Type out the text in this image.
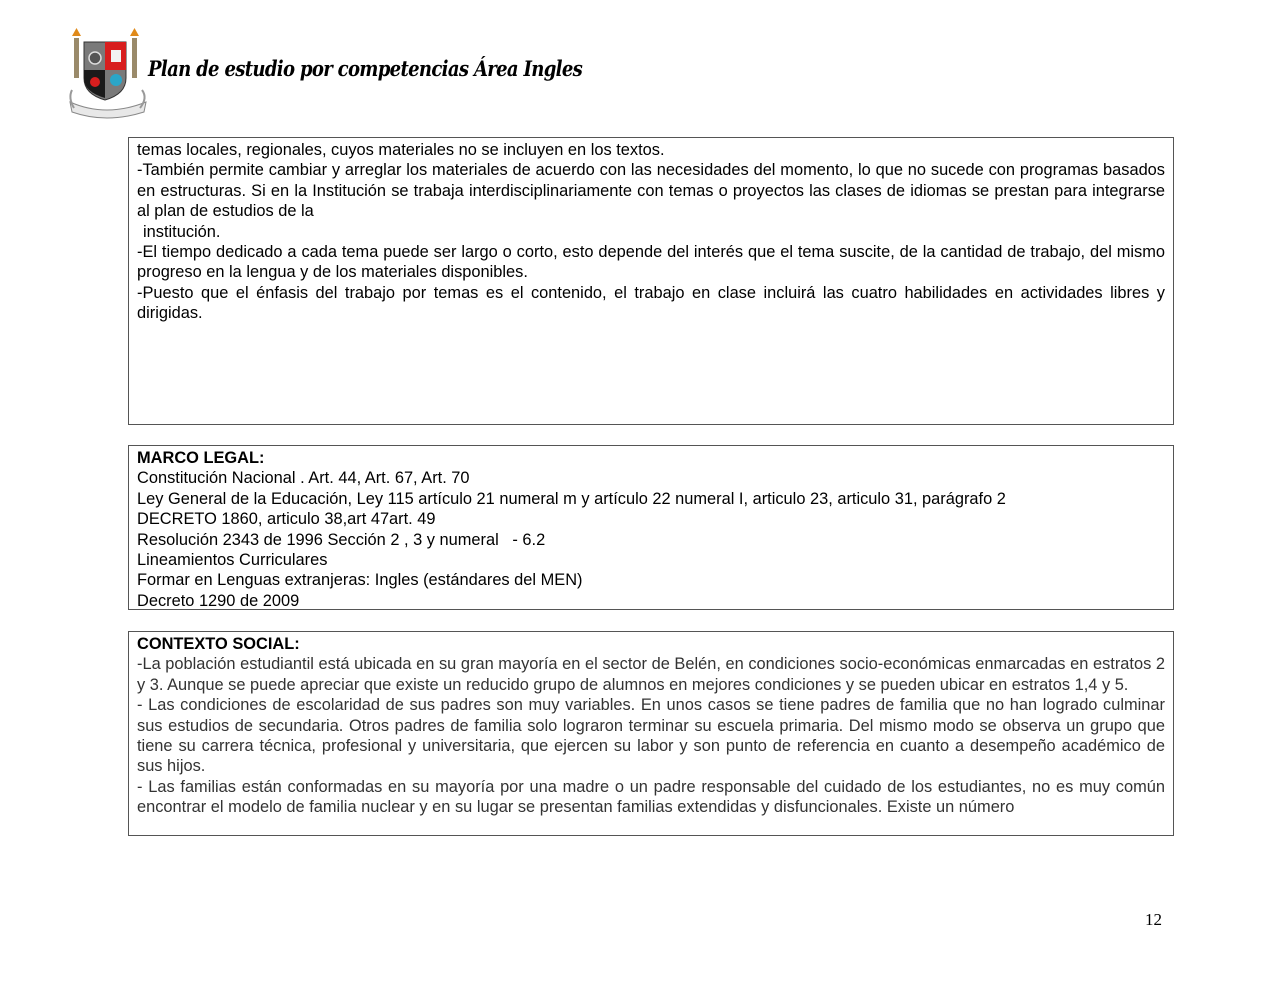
Plan de estudio por competencias Área Ingles

temas locales, regionales, cuyos materiales no se incluyen en los textos.

-También permite cambiar y arreglar los materiales de acuerdo con las necesidades del momento, lo que no sucede con programas basados en estructuras. Si en la Institución se trabaja interdisciplinariamente con temas o proyectos las clases de idiomas se prestan para integrarse al plan de estudios de la

institución.

-El tiempo dedicado a cada tema puede ser largo o corto, esto depende del interés que el tema suscite, de la cantidad de trabajo, del mismo progreso en la lengua y de los materiales disponibles.

-Puesto que el énfasis del trabajo por temas es el contenido, el trabajo en clase incluirá las cuatro habilidades en actividades libres y dirigidas.

MARCO LEGAL:

Constitución Nacional . Art. 44, Art. 67, Art. 70

Ley General de la Educación, Ley 115 artículo 21 numeral m y artículo 22 numeral I, articulo 23, articulo 31, parágrafo 2

DECRETO 1860, articulo 38,art 47art. 49

Resolución 2343 de 1996 Sección 2 , 3 y numeral   - 6.2

Lineamientos Curriculares

Formar en Lenguas extranjeras: Ingles (estándares del MEN)

Decreto 1290 de 2009

CONTEXTO SOCIAL:

-La población estudiantil está ubicada en su gran mayoría en el sector de Belén, en condiciones socio-económicas enmarcadas en estratos 2 y 3. Aunque se puede apreciar que existe un reducido grupo de alumnos en mejores condiciones y se pueden ubicar en estratos 1,4 y 5.

- Las condiciones de escolaridad de sus padres son muy variables. En unos casos se tiene padres de familia que no han logrado culminar sus estudios de secundaria. Otros padres de familia solo lograron terminar su escuela primaria. Del mismo modo se observa un grupo que tiene su carrera técnica, profesional y universitaria, que ejercen su labor y son punto de referencia en cuanto a desempeño académico de sus hijos.

- Las familias están conformadas en su mayoría por una madre o un padre responsable del cuidado de los estudiantes, no es muy común encontrar el modelo de familia nuclear y en su lugar se presentan familias extendidas y disfuncionales. Existe un número

12
